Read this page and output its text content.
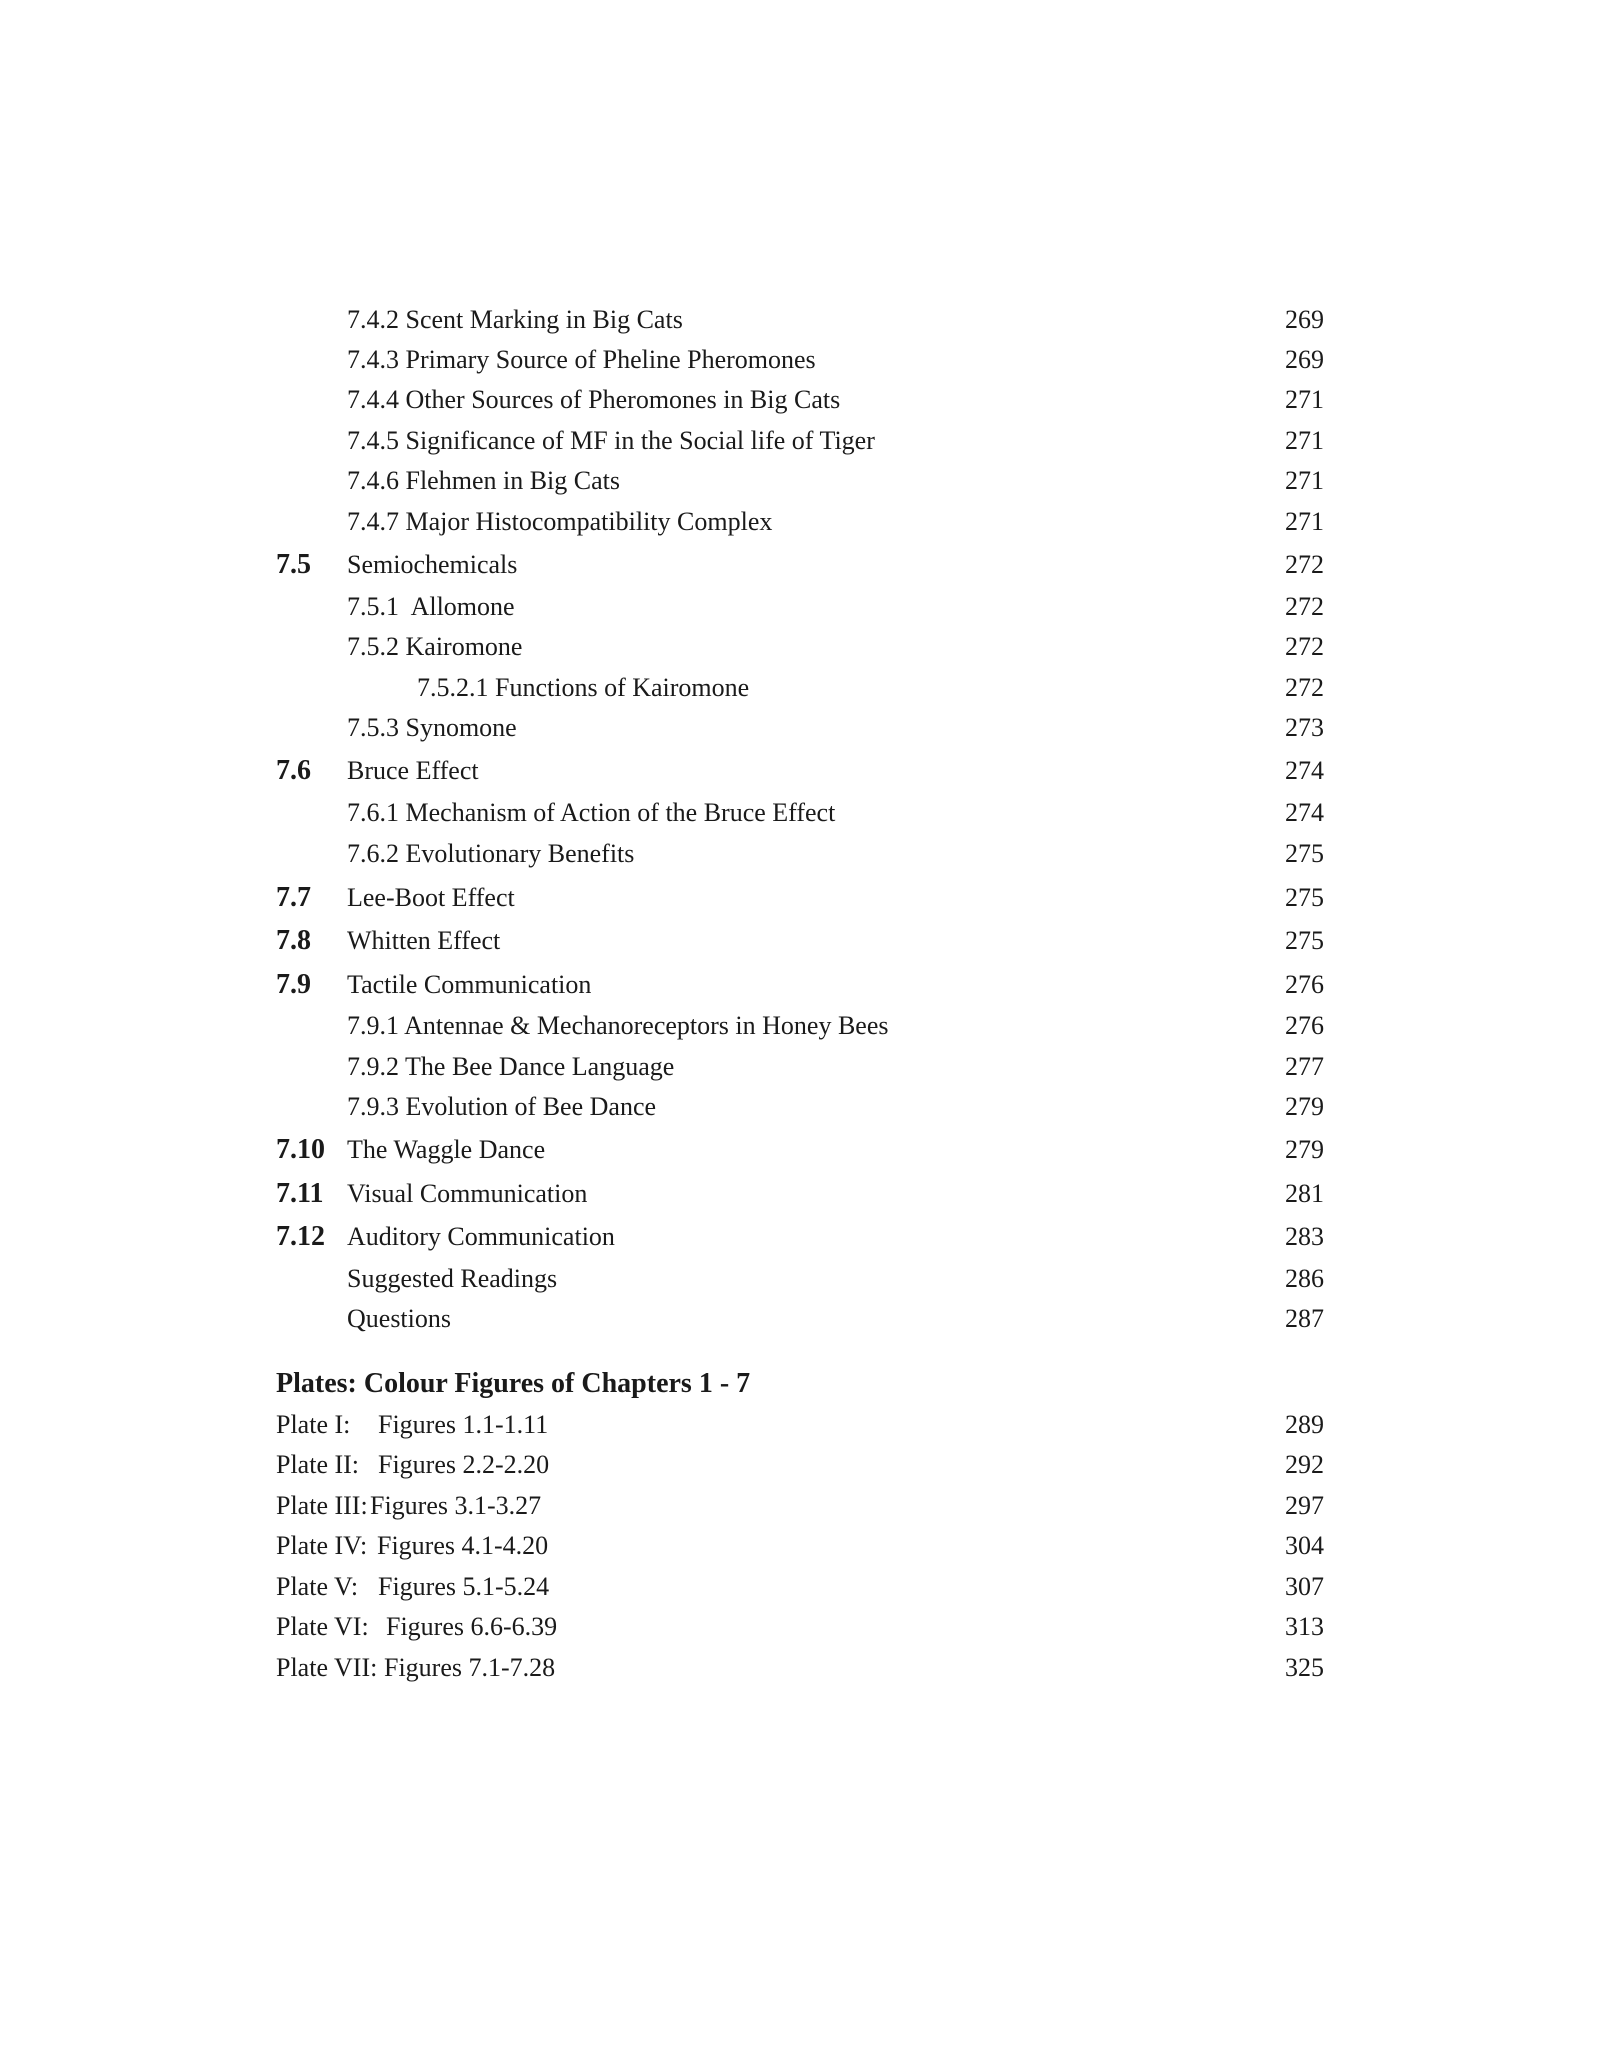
7.4.2 Scent Marking in Big Cats	269
7.4.3 Primary Source of Pheline Pheromones	269
7.4.4 Other Sources of Pheromones in Big Cats	271
7.4.5 Significance of MF in the Social life of Tiger	271
7.4.6 Flehmen in Big Cats	271
7.4.7 Major Histocompatibility Complex	271
7.5 Semiochemicals	272
7.5.1  Allomone	272
7.5.2 Kairomone	272
7.5.2.1 Functions of Kairomone	272
7.5.3 Synomone	273
7.6 Bruce Effect	274
7.6.1 Mechanism of Action of the Bruce Effect	274
7.6.2 Evolutionary Benefits	275
7.7 Lee-Boot Effect	275
7.8 Whitten Effect	275
7.9 Tactile Communication	276
7.9.1 Antennae & Mechanoreceptors in Honey Bees	276
7.9.2 The Bee Dance Language	277
7.9.3 Evolution of Bee Dance	279
7.10 The Waggle Dance	279
7.11 Visual Communication	281
7.12 Auditory Communication	283
Suggested Readings	286
Questions	287
Plates: Colour Figures of Chapters 1 - 7
Plate I: Figures 1.1-1.11	289
Plate II: Figures 2.2-2.20	292
Plate III: Figures 3.1-3.27	297
Plate IV: Figures 4.1-4.20	304
Plate V: Figures 5.1-5.24	307
Plate VI: Figures 6.6-6.39	313
Plate VII: Figures 7.1-7.28	325
